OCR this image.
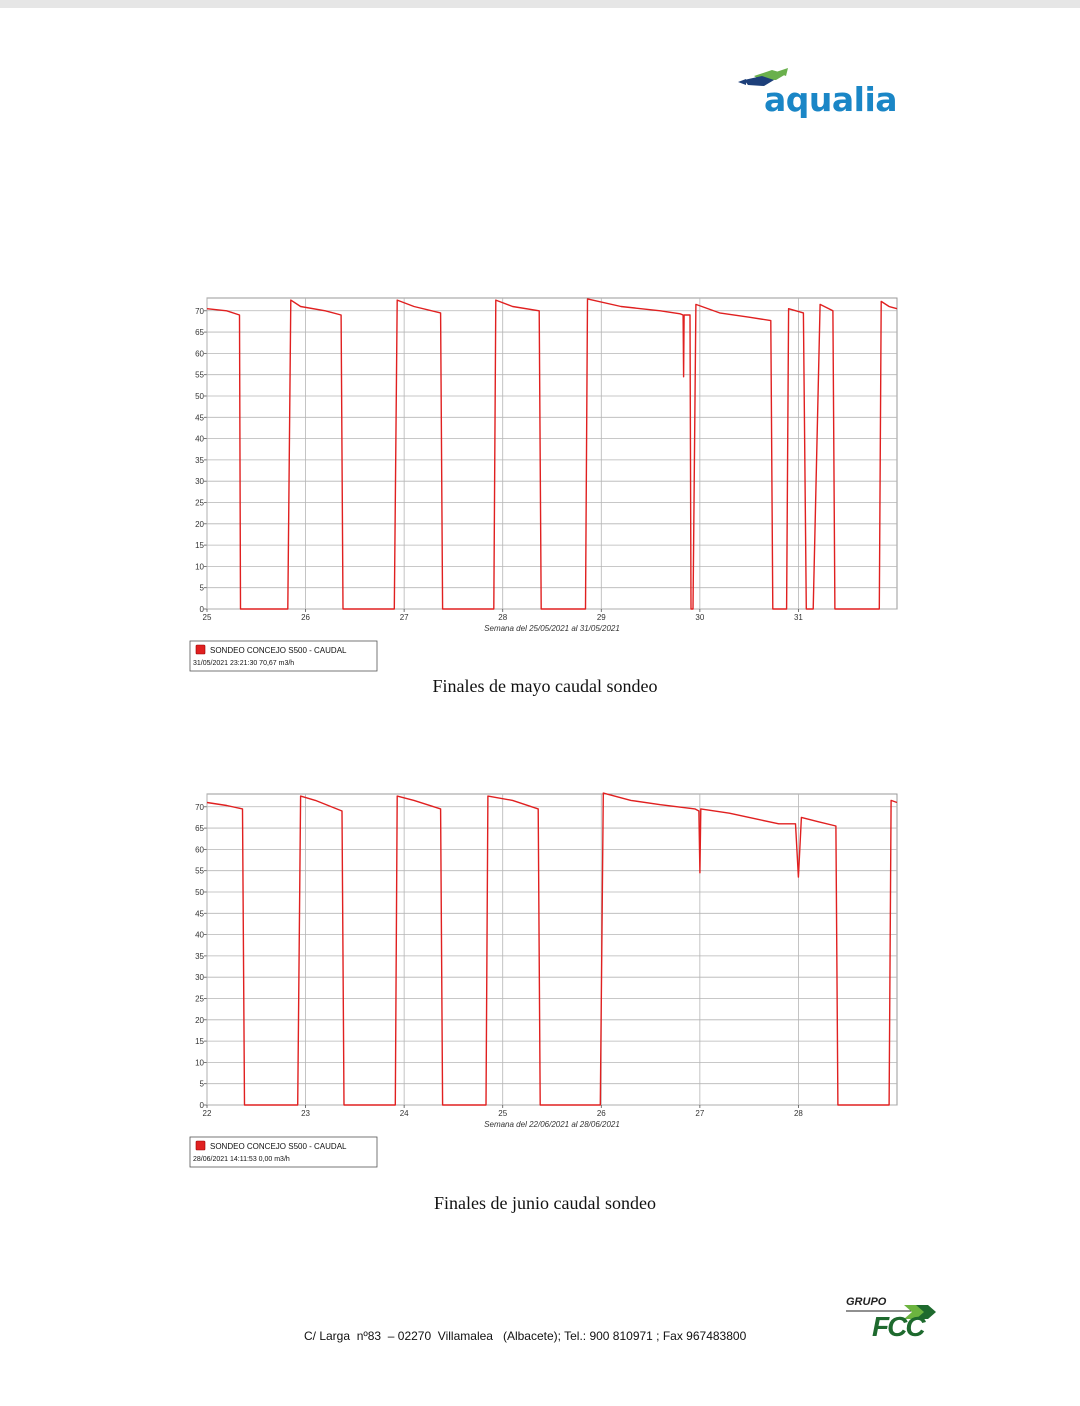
aqualia
0
5
10
15
20
25
30
35
40
45
50
55
60
65
70
25	26	27	28	29	30	31
Semana del 25/05/2021 al 31/05/2021
SONDEO CONCEJO S500 - CAUDAL
31/05/2021 23:21:30 70,67 m3/h
Finales de mayo caudal sondeo
0
5
10
15
20
25
30
35
40
45
50
55
60
65
70
22	23	24	25	26	27	28
Semana del 22/06/2021 al 28/06/2021
SONDEO CONCEJO S500 - CAUDAL
28/06/2021 14:11:53 0,00 m3/h
Finales de junio caudal sondeo
C/ Larga  nº83  – 02270  Villamalea   (Albacete); Tel.: 900 810971 ; Fax 967483800
GRUPO
FCC
